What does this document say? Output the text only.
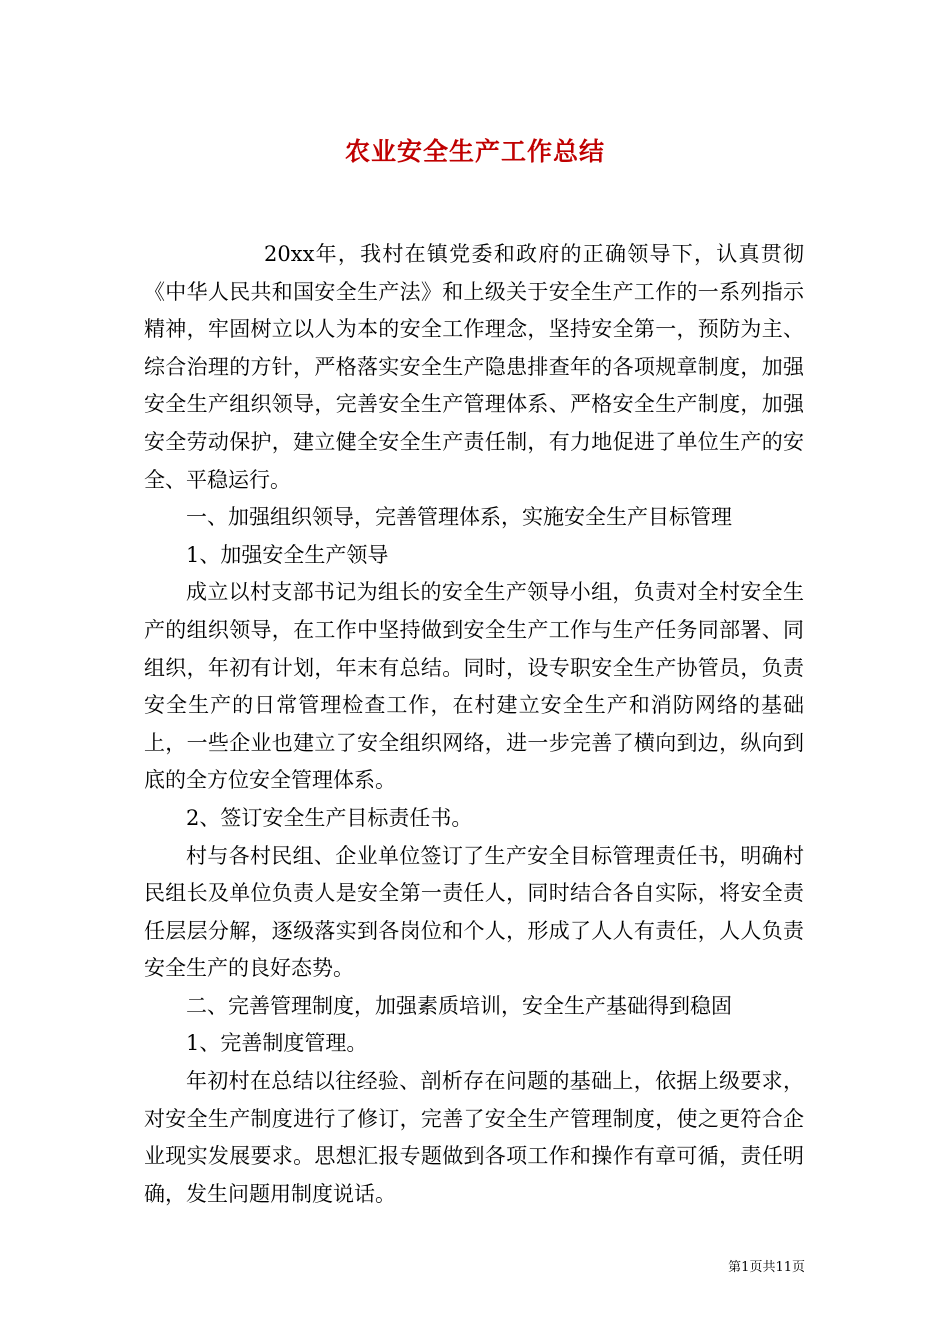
农业安全生产工作总结

20xx年，我村在镇党委和政府的正确领导下，认真贯彻《中华人民共和国安全生产法》和上级关于安全生产工作的一系列指示精神，牢固树立以人为本的安全工作理念，坚持安全第一，预防为主、综合治理的方针，严格落实安全生产隐患排查年的各项规章制度，加强安全生产组织领导，完善安全生产管理体系、严格安全生产制度，加强安全劳动保护，建立健全安全生产责任制，有力地促进了单位生产的安全、平稳运行。

一、加强组织领导，完善管理体系，实施安全生产目标管理

1、加强安全生产领导

成立以村支部书记为组长的安全生产领导小组，负责对全村安全生产的组织领导，在工作中坚持做到安全生产工作与生产任务同部署、同组织，年初有计划，年末有总结。同时，设专职安全生产协管员，负责安全生产的日常管理检查工作，在村建立安全生产和消防网络的基础上，一些企业也建立了安全组织网络，进一步完善了横向到边，纵向到底的全方位安全管理体系。

2、签订安全生产目标责任书。

村与各村民组、企业单位签订了生产安全目标管理责任书，明确村民组长及单位负责人是安全第一责任人，同时结合各自实际，将安全责任层层分解，逐级落实到各岗位和个人，形成了人人有责任，人人负责安全生产的良好态势。

二、完善管理制度，加强素质培训，安全生产基础得到稳固

1、完善制度管理。

年初村在总结以往经验、剖析存在问题的基础上，依据上级要求，对安全生产制度进行了修订，完善了安全生产管理制度，使之更符合企业现实发展要求。思想汇报专题做到各项工作和操作有章可循，责任明确，发生问题用制度说话。

第1页共11页
